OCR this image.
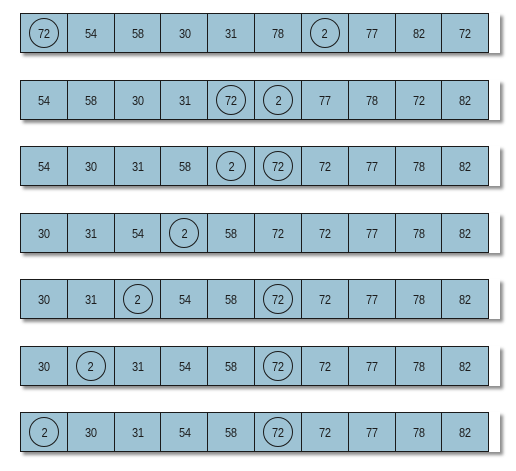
72	54	58	30	31	78	2	77	82	72
54	58	30	31	72	2	77	78	72	82
54	30	31	58	2	72	72	77	78	82
30	31	54	2	58	72	72	77	78	82
30	31	2	54	58	72	72	77	78	82
30	2	31	54	58	72	72	77	78	82
2	30	31	54	58	72	72	77	78	82
